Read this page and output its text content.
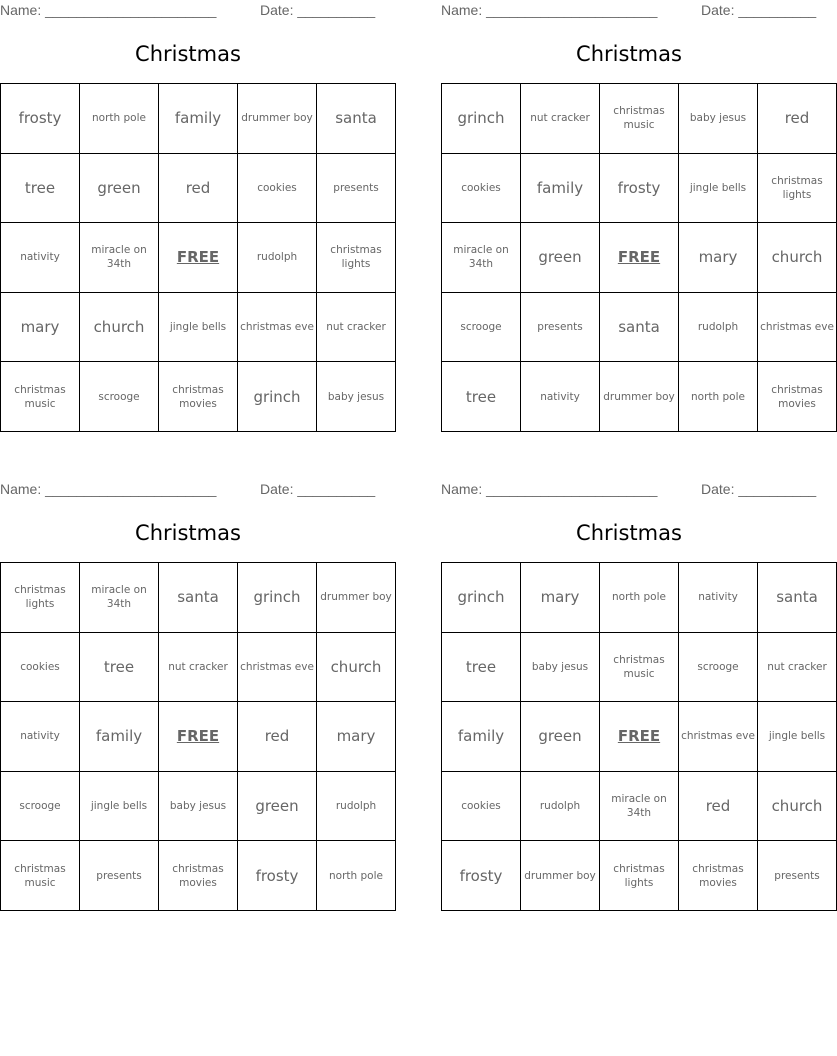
Name: ______________________	Date: __________
Christmas
frosty	north pole	family	drummer boy	santa
tree	green	red	cookies	presents
nativity	miracle on 34th	FREE	rudolph	christmas lights
mary	church	jingle bells	christmas eve	nut cracker
christmas music	scrooge	christmas movies	grinch	baby jesus
Name: ______________________	Date: __________
Christmas
grinch	nut cracker	christmas music	baby jesus	red
cookies	family	frosty	jingle bells	christmas lights
miracle on 34th	green	FREE	mary	church
scrooge	presents	santa	rudolph	christmas eve
tree	nativity	drummer boy	north pole	christmas movies
Name: ______________________	Date: __________
Christmas
christmas lights	miracle on 34th	santa	grinch	drummer boy
cookies	tree	nut cracker	christmas eve	church
nativity	family	FREE	red	mary
scrooge	jingle bells	baby jesus	green	rudolph
christmas music	presents	christmas movies	frosty	north pole
Name: ______________________	Date: __________
Christmas
grinch	mary	north pole	nativity	santa
tree	baby jesus	christmas music	scrooge	nut cracker
family	green	FREE	christmas eve	jingle bells
cookies	rudolph	miracle on 34th	red	church
frosty	drummer boy	christmas lights	christmas movies	presents
